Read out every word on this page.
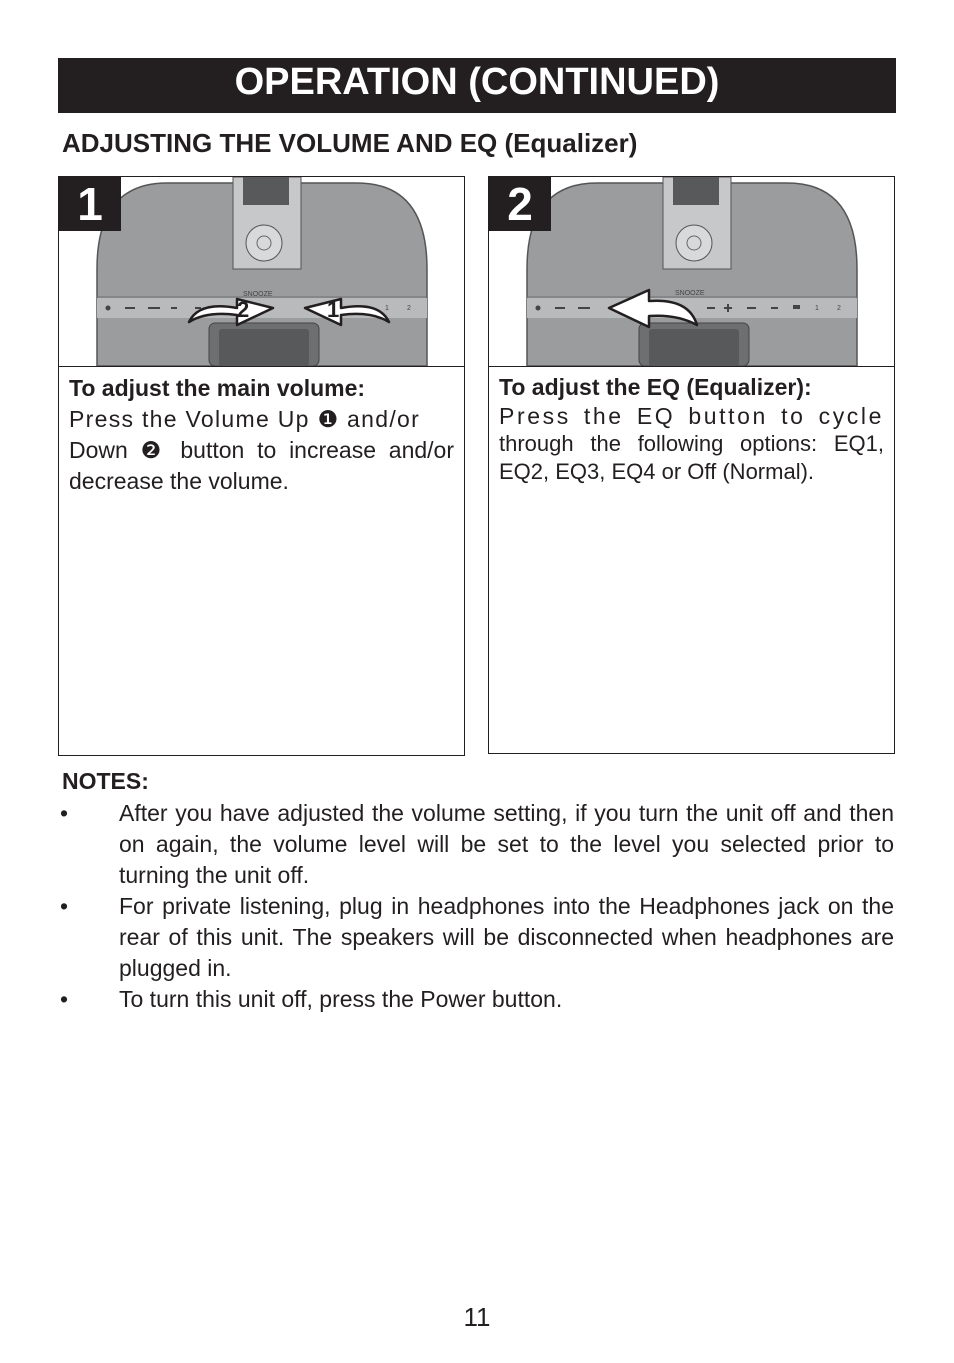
OPERATION (CONTINUED)
ADJUSTING THE VOLUME AND EQ (Equalizer)
SNOOZE
1	2
2	1
1

To adjust the main volume:

Press the Volume Up ❶ and/or
Down ❷ button to increase and/or decrease the volume.

SNOOZE
1	2
2

To adjust the EQ (Equalizer):

Press the EQ button to cycle
through the following options: EQ1, EQ2, EQ3, EQ4 or Off (Normal).

NOTES:

• After you have adjusted the volume setting, if you turn the unit off and then on again, the volume level will be set to the level you selected prior to turning the unit off.
• For private listening, plug in headphones into the Headphones jack on the rear of this unit. The speakers will be disconnected when headphones are plugged in.
• To turn this unit off, press the Power button.
11
